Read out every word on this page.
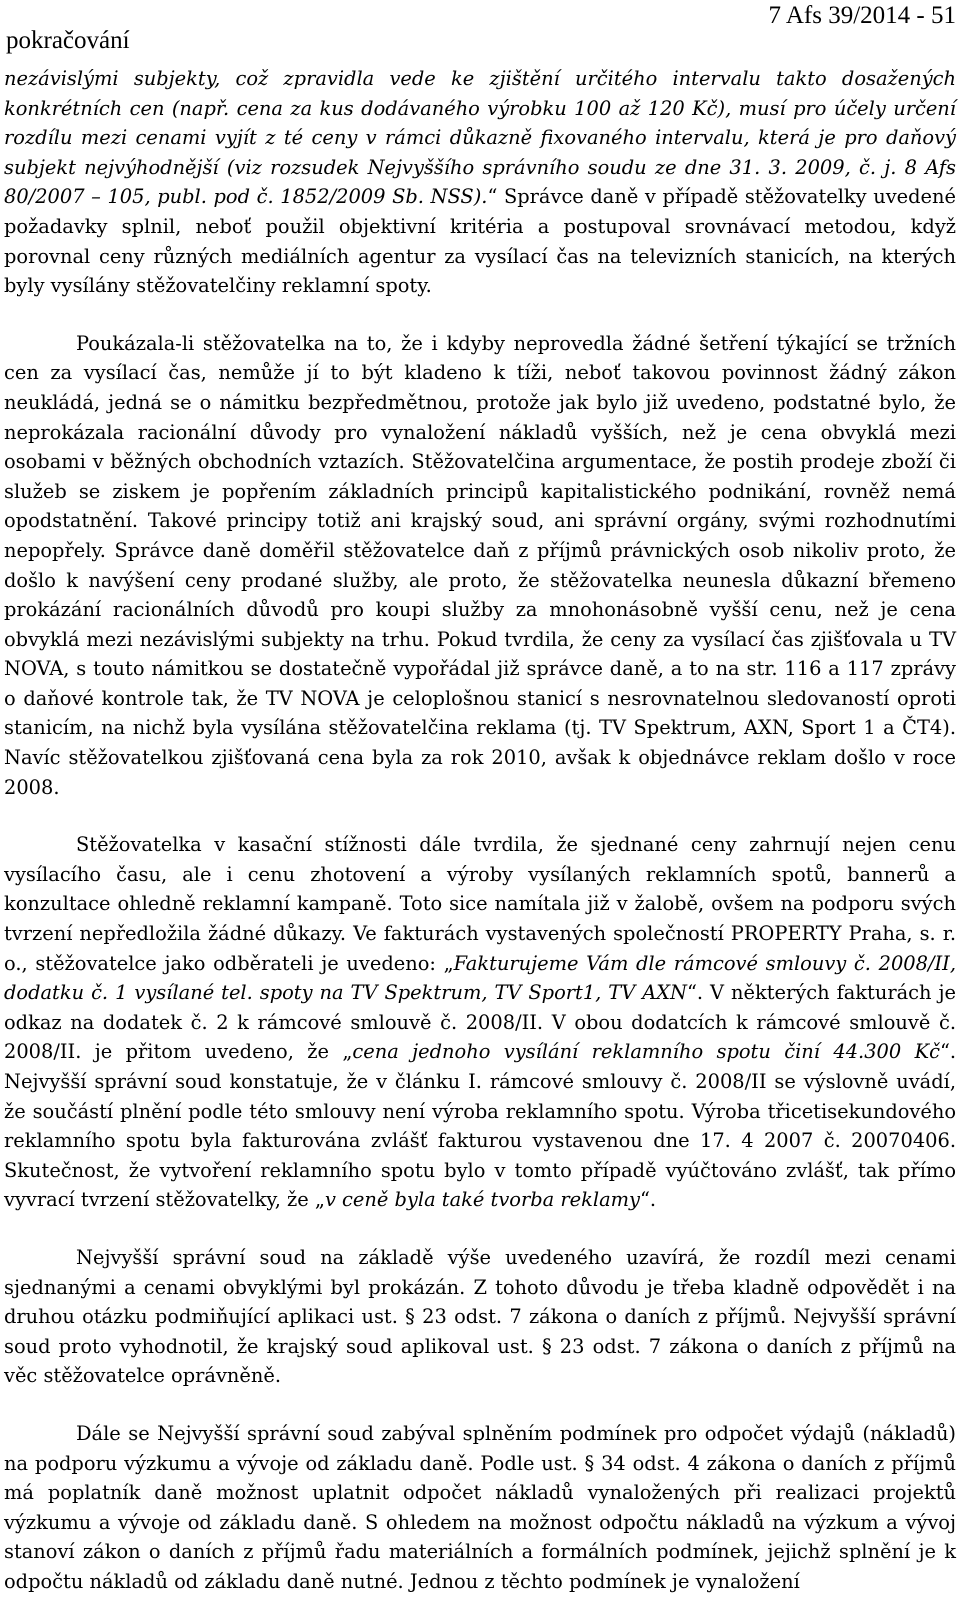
pokračování
7 Afs 39/2014 - 51

nezávislými subjekty, což zpravidla vede ke zjištění určitého intervalu takto dosažených konkrétních cen (např. cena za kus dodávaného výrobku 100 až 120 Kč), musí pro účely určení rozdílu mezi cenami vyjít z té ceny v rámci důkazně fixovaného intervalu, která je pro daňový subjekt nejvýhodnější (viz rozsudek Nejvyššího správního soudu ze dne 31. 3. 2009, č. j. 8 Afs 80/2007 – 105, publ. pod č. 1852/2009 Sb. NSS).“ Správce daně v případě stěžovatelky uvedené požadavky splnil, neboť použil objektivní kritéria a postupoval srovnávací metodou, když porovnal ceny různých mediálních agentur za vysílací čas na televizních stanicích, na kterých byly vysílány stěžovatelčiny reklamní spoty.

Poukázala-li stěžovatelka na to, že i kdyby neprovedla žádné šetření týkající se tržních cen za vysílací čas, nemůže jí to být kladeno k tíži, neboť takovou povinnost žádný zákon neukládá, jedná se o námitku bezpředmětnou, protože jak bylo již uvedeno, podstatné bylo, že neprokázala racionální důvody pro vynaložení nákladů vyšších, než je cena obvyklá mezi osobami v běžných obchodních vztazích. Stěžovatelčina argumentace, že postih prodeje zboží či služeb se ziskem je popřením základních principů kapitalistického podnikání, rovněž nemá opodstatnění. Takové principy totiž ani krajský soud, ani správní orgány, svými rozhodnutími nepopřely. Správce daně doměřil stěžovatelce daň z příjmů právnických osob nikoliv proto, že došlo k navýšení ceny prodané služby, ale proto, že stěžovatelka neunesla důkazní břemeno prokázání racionálních důvodů pro koupi služby za mnohonásobně vyšší cenu, než je cena obvyklá mezi nezávislými subjekty na trhu. Pokud tvrdila, že ceny za vysílací čas zjišťovala u TV NOVA, s touto námitkou se dostatečně vypořádal již správce daně, a to na str. 116 a 117 zprávy o daňové kontrole tak, že TV NOVA je celoplošnou stanicí s nesrovnatelnou sledovaností oproti stanicím, na nichž byla vysílána stěžovatelčina reklama (tj. TV Spektrum, AXN, Sport 1 a ČT4). Navíc stěžovatelkou zjišťovaná cena byla za rok 2010, avšak k objednávce reklam došlo v roce 2008.

Stěžovatelka v kasační stížnosti dále tvrdila, že sjednané ceny zahrnují nejen cenu vysílacího času, ale i cenu zhotovení a výroby vysílaných reklamních spotů, bannerů a konzultace ohledně reklamní kampaně. Toto sice namítala již v žalobě, ovšem na podporu svých tvrzení nepředložila žádné důkazy. Ve fakturách vystavených společností PROPERTY Praha, s. r. o., stěžovatelce jako odběrateli je uvedeno: „Fakturujeme Vám dle rámcové smlouvy č. 2008/II, dodatku č. 1 vysílané tel. spoty na TV Spektrum, TV Sport1, TV AXN“. V některých fakturách je odkaz na dodatek č. 2 k rámcové smlouvě č. 2008/II. V obou dodatcích k rámcové smlouvě č. 2008/II. je přitom uvedeno, že „cena jednoho vysílání reklamního spotu činí 44.300 Kč“. Nejvyšší správní soud konstatuje, že v článku I. rámcové smlouvy č. 2008/II se výslovně uvádí, že součástí plnění podle této smlouvy není výroba reklamního spotu. Výroba třicetisekundového reklamního spotu byla fakturována zvlášť fakturou vystavenou dne 17. 4 2007 č. 20070406. Skutečnost, že vytvoření reklamního spotu bylo v tomto případě vyúčtováno zvlášť, tak přímo vyvrací tvrzení stěžovatelky, že „v ceně byla také tvorba reklamy“.

Nejvyšší správní soud na základě výše uvedeného uzavírá, že rozdíl mezi cenami sjednanými a cenami obvyklými byl prokázán. Z tohoto důvodu je třeba kladně odpovědět i na druhou otázku podmiňující aplikaci ust. § 23 odst. 7 zákona o daních z příjmů. Nejvyšší správní soud proto vyhodnotil, že krajský soud aplikoval ust. § 23 odst. 7 zákona o daních z příjmů na věc stěžovatelce oprávněně.

Dále se Nejvyšší správní soud zabýval splněním podmínek pro odpočet výdajů (nákladů) na podporu výzkumu a vývoje od základu daně. Podle ust. § 34 odst. 4 zákona o daních z příjmů má poplatník daně možnost uplatnit odpočet nákladů vynaložených při realizaci projektů výzkumu a vývoje od základu daně. S ohledem na možnost odpočtu nákladů na výzkum a vývoj stanoví zákon o daních z příjmů řadu materiálních a formálních podmínek, jejichž splnění je k odpočtu nákladů od základu daně nutné. Jednou z těchto podmínek je vynaložení
